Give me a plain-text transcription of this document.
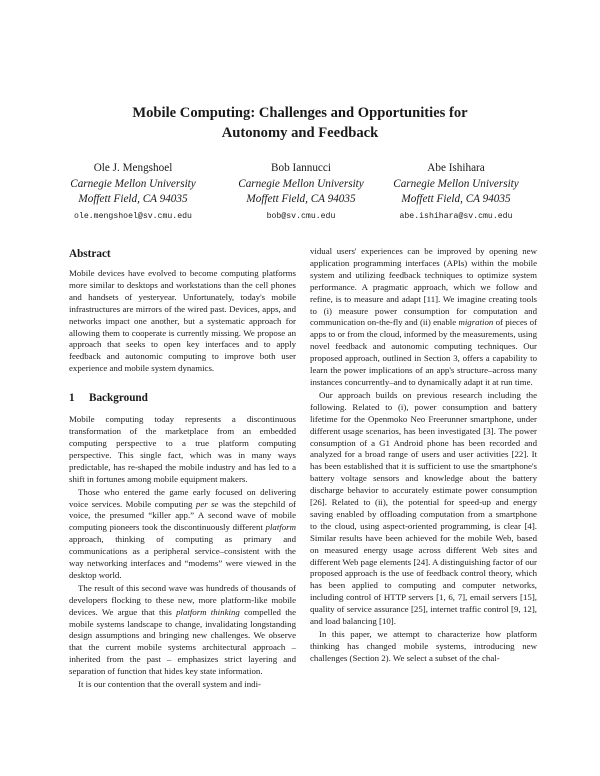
Mobile Computing: Challenges and Opportunities for
Autonomy and Feedback
Ole J. Mengshoel
Carnegie Mellon University
Moffett Field, CA 94035
ole.mengshoel@sv.cmu.edu
Bob Iannucci
Carnegie Mellon University
Moffett Field, CA 94035
bob@sv.cmu.edu
Abe Ishihara
Carnegie Mellon University
Moffett Field, CA 94035
abe.ishihara@sv.cmu.edu
Abstract

Mobile devices have evolved to become computing platforms more similar to desktops and workstations than the cell phones and handsets of yesteryear. Unfortunately, today's mobile infrastructures are mirrors of the wired past. Devices, apps, and networks impact one another, but a systematic approach for allowing them to cooperate is currently missing. We propose an approach that seeks to open key interfaces and to apply feedback and autonomic computing to improve both user experience and mobile system dynamics.

1 Background

Mobile computing today represents a discontinuous transformation of the marketplace from an embedded computing perspective to a true platform computing perspective. This single fact, which was in many ways predictable, has re-shaped the mobile industry and has led to a shift in fortunes among mobile equipment makers.

Those who entered the game early focused on delivering voice services. Mobile computing per se was the stepchild of voice, the presumed “killer app.” A second wave of mobile computing pioneers took the discontinuously different platform approach, thinking of computing as primary and communications as a peripheral service–consistent with the way networking interfaces and “modems” were viewed in the desktop world.

The result of this second wave was hundreds of thousands of developers flocking to these new, more platform-like mobile devices. We argue that this platform thinking compelled the mobile systems landscape to change, invalidating longstanding design assumptions and bringing new challenges. We observe that the current mobile systems architectural approach – inherited from the past – emphasizes strict layering and separation of function that hides key state information.

It is our contention that the overall system and indi-

vidual users' experiences can be improved by opening new application programming interfaces (APIs) within the mobile system and utilizing feedback techniques to optimize system performance. A pragmatic approach, which we follow and refine, is to measure and adapt [11]. We imagine creating tools to (i) measure power consumption for computation and communication on-the-fly and (ii) enable migration of pieces of apps to or from the cloud, informed by the measurements, using novel feedback and autonomic computing techniques. Our proposed approach, outlined in Section 3, offers a capability to learn the power implications of an app's structure–across many instances concurrently–and to dynamically adapt it at run time.

Our approach builds on previous research including the following. Related to (i), power consumption and battery lifetime for the Openmoko Neo Freerunner smartphone, under different usage scenarios, has been investigated [3]. The power consumption of a G1 Android phone has been recorded and analyzed for a broad range of users and user activities [22]. It has been established that it is sufficient to use the smartphone's battery voltage sensors and knowledge about the battery discharge behavior to accurately estimate power consumption [26]. Related to (ii), the potential for speed-up and energy saving enabled by offloading computation from a smartphone to the cloud, using aspect-oriented programming, is clear [4]. Similar results have been achieved for the mobile Web, based on measured energy usage across different Web sites and different Web page elements [24]. A distinguishing factor of our proposed approach is the use of feedback control theory, which has been applied to computing and computer networks, including control of HTTP servers [1, 6, 7], email servers [15], quality of service assurance [25], internet traffic control [9, 12], and load balancing [10].

In this paper, we attempt to characterize how platform thinking has changed mobile systems, introducing new challenges (Section 2). We select a subset of the chal-
